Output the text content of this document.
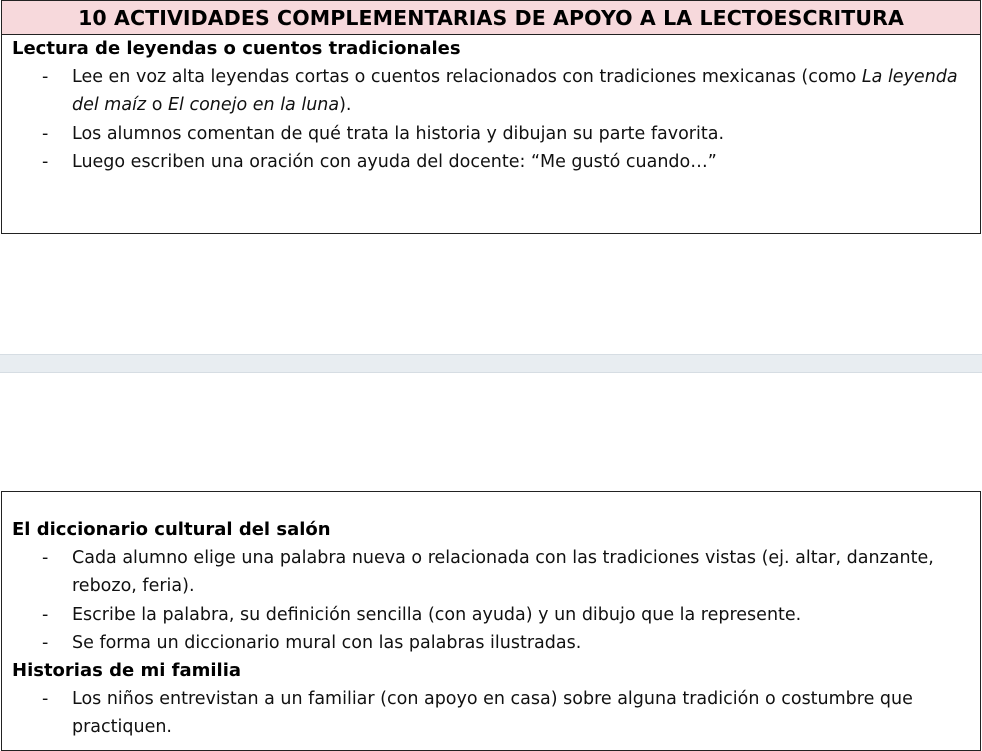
10 ACTIVIDADES COMPLEMENTARIAS DE APOYO A LA LECTOESCRITURA

Lectura de leyendas o cuentos tradicionales

- Lee en voz alta leyendas cortas o cuentos relacionados con tradiciones mexicanas (como La leyenda del maíz o El conejo en la luna).
- Los alumnos comentan de qué trata la historia y dibujan su parte favorita.
- Luego escriben una oración con ayuda del docente: “Me gustó cuando…”

El diccionario cultural del salón

- Cada alumno elige una palabra nueva o relacionada con las tradiciones vistas (ej. altar, danzante, rebozo, feria).
- Escribe la palabra, su definición sencilla (con ayuda) y un dibujo que la represente.
- Se forma un diccionario mural con las palabras ilustradas.

Historias de mi familia

- Los niños entrevistan a un familiar (con apoyo en casa) sobre alguna tradición o costumbre que practiquen.
